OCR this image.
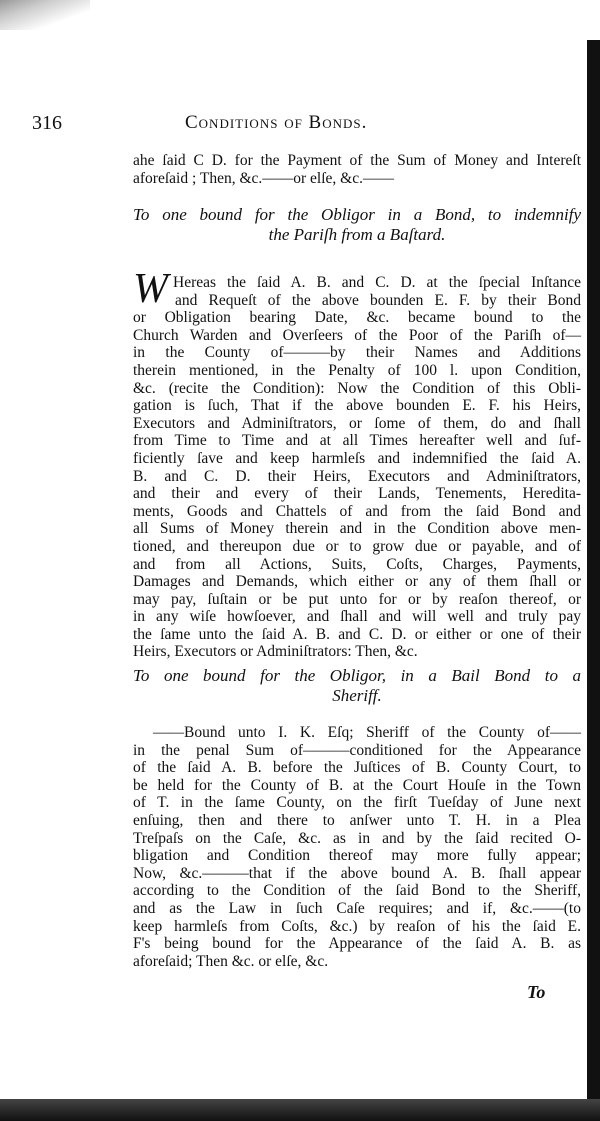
316	Conditions of Bonds.
ahe ſaid C D. for the Payment of the Sum of Money and Intereſt
aforeſaid ; Then, &c.——or elſe, &c.——
To one bound for the Obligor in a Bond, to indemnify
the Pariſh from a Baſtard.
W Hereas the ſaid A. B. and C. D. at the ſpecial Inſtance
and Requeſt of the above bounden E. F. by their Bond
or Obligation bearing Date, &c. became bound to the
Church Warden and Overſeers of the Poor of the Pariſh of—
in the County of———by their Names and Additions
therein mentioned, in the Penalty of 100 l. upon Condition,
&c. (recite the Condition): Now the Condition of this Obli-
gation is ſuch, That if the above bounden E. F. his Heirs,
Executors and Adminiſtrators, or ſome of them, do and ſhall
from Time to Time and at all Times hereafter well and ſuf-
ficiently ſave and keep harmleſs and indemnified the ſaid A.
B. and C. D. their Heirs, Executors and Adminiſtrators,
and their and every of their Lands, Tenements, Heredita-
ments, Goods and Chattels of and from the ſaid Bond and
all Sums of Money therein and in the Condition above men-
tioned, and thereupon due or to grow due or payable, and of
and from all Actions, Suits, Coſts, Charges, Payments,
Damages and Demands, which either or any of them ſhall or
may pay, ſuſtain or be put unto for or by reaſon thereof, or
in any wiſe howſoever, and ſhall and will well and truly pay
the ſame unto the ſaid A. B. and C. D. or either or one of their
Heirs, Executors or Adminiſtrators: Then, &c.
To one bound for the Obligor, in a Bail Bond to a
Sheriff.
——Bound unto I. K. Eſq; Sheriff of the County of——
in the penal Sum of———conditioned for the Appearance
of the ſaid A. B. before the Juſtices of B. County Court, to
be held for the County of B. at the Court Houſe in the Town
of T. in the ſame County, on the firſt Tueſday of June next
enſuing, then and there to anſwer unto T. H. in a Plea
Treſpaſs on the Caſe, &c. as in and by the ſaid recited O-
bligation and Condition thereof may more fully appear;
Now, &c.———that if the above bound A. B. ſhall appear
according to the Condition of the ſaid Bond to the Sheriff,
and as the Law in ſuch Caſe requires; and if, &c.——(to
keep harmleſs from Coſts, &c.) by reaſon of his the ſaid E.
F's being bound for the Appearance of the ſaid A. B. as
aforeſaid; Then &c. or elſe, &c.
To
